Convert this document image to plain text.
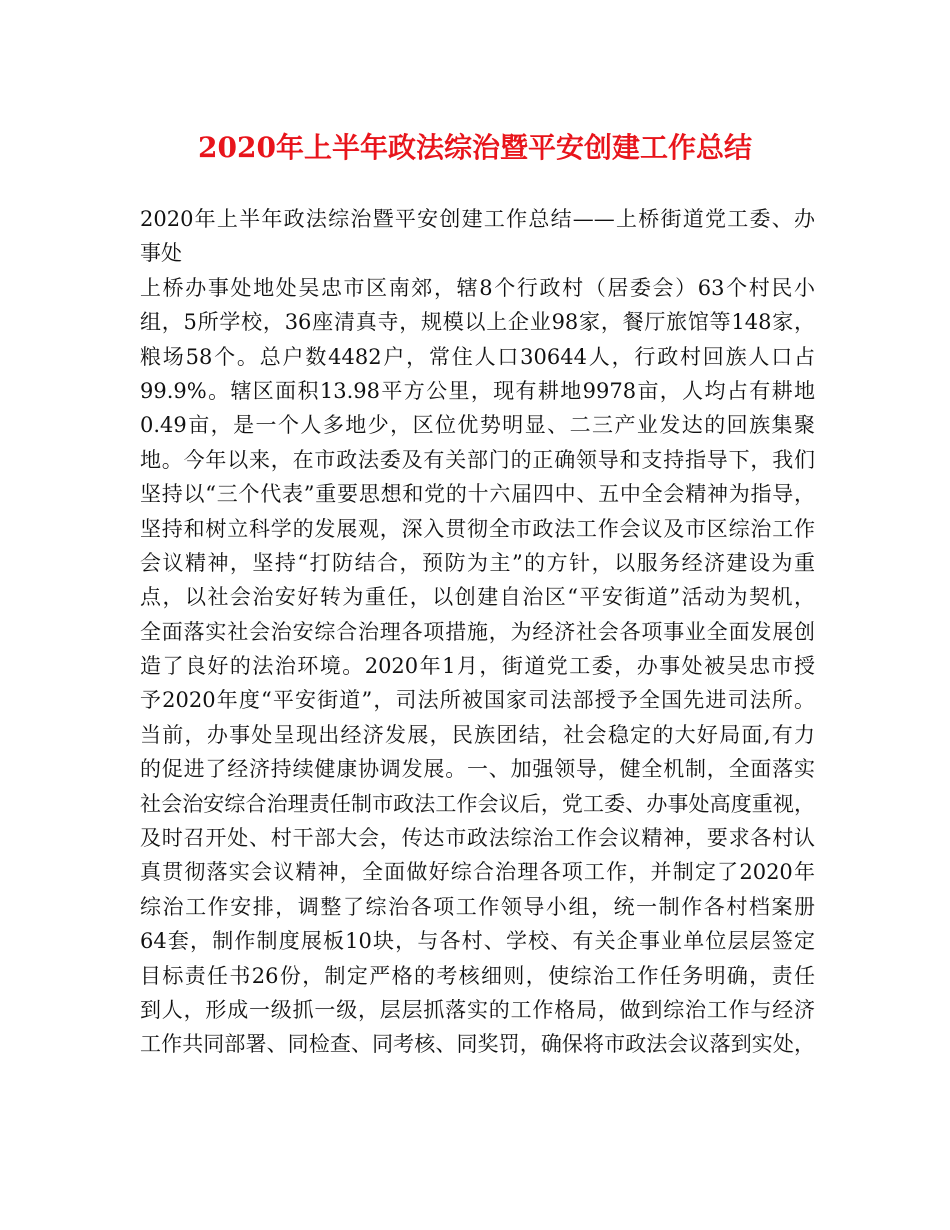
2020年上半年政法综治暨平安创建工作总结
2020年上半年政法综治暨平安创建工作总结——上桥街道党工委、办
事处
上桥办事处地处吴忠市区南郊，辖8个行政村（居委会）63个村民小
组，5所学校，36座清真寺，规模以上企业98家，餐厅旅馆等148家，
粮场58个。总户数4482户，常住人口30644人，行政村回族人口占
99.9%。辖区面积13.98平方公里，现有耕地9978亩，人均占有耕地
0.49亩，是一个人多地少，区位优势明显、二三产业发达的回族集聚
地。今年以来，在市政法委及有关部门的正确领导和支持指导下，我们
坚持以“三个代表”重要思想和党的十六届四中、五中全会精神为指导，
坚持和树立科学的发展观，深入贯彻全市政法工作会议及市区综治工作
会议精神，坚持“打防结合，预防为主”的方针，以服务经济建设为重
点，以社会治安好转为重任，以创建自治区“平安街道”活动为契机，
全面落实社会治安综合治理各项措施，为经济社会各项事业全面发展创
造了良好的法治环境。2020年1月，街道党工委，办事处被吴忠市授
予2020年度“平安街道”，司法所被国家司法部授予全国先进司法所。
当前，办事处呈现出经济发展，民族团结，社会稳定的大好局面,有力
的促进了经济持续健康协调发展。一、加强领导，健全机制，全面落实
社会治安综合治理责任制市政法工作会议后，党工委、办事处高度重视，
及时召开处、村干部大会，传达市政法综治工作会议精神，要求各村认
真贯彻落实会议精神，全面做好综合治理各项工作，并制定了2020年
综治工作安排，调整了综治各项工作领导小组，统一制作各村档案册
64套，制作制度展板10块，与各村、学校、有关企事业单位层层签定
目标责任书26份，制定严格的考核细则，使综治工作任务明确，责任
到人，形成一级抓一级，层层抓落实的工作格局，做到综治工作与经济
工作共同部署、同检查、同考核、同奖罚，确保将市政法会议落到实处，
